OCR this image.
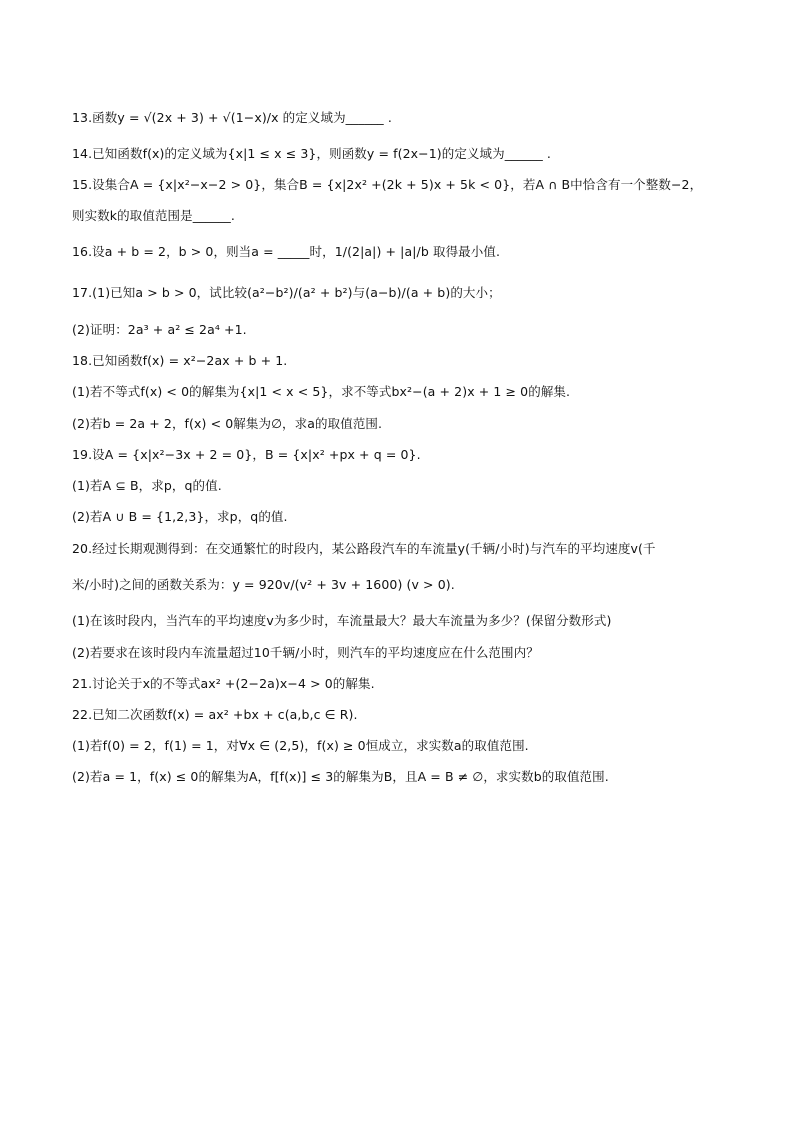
13.函数y = √(2x + 3) + √(1−x)/x 的定义域为______ .
14.已知函数f(x)的定义域为{x|1 ≤ x ≤ 3}，则函数y = f(2x−1)的定义域为______ .
15.设集合A = {x|x²−x−2 > 0}，集合B = {x|2x² +(2k + 5)x + 5k < 0}，若A ∩ B中恰含有一个整数−2，
则实数k的取值范围是______.
16.设a + b = 2，b > 0，则当a = _____时，1/(2|a|) + |a|/b 取得最小值.
17.(1)已知a > b > 0，试比较(a²−b²)/(a² + b²)与(a−b)/(a + b)的大小；
(2)证明：2a³ + a² ≤ 2a⁴ +1.
18.已知函数f(x) = x²−2ax + b + 1.
(1)若不等式f(x) < 0的解集为{x|1 < x < 5}，求不等式bx²−(a + 2)x + 1 ≥ 0的解集.
(2)若b = 2a + 2，f(x) < 0解集为∅，求a的取值范围.
19.设A = {x|x²−3x + 2 = 0}，B = {x|x² +px + q = 0}.
(1)若A ⊆ B，求p，q的值.
(2)若A ∪ B = {1,2,3}，求p，q的值.
20.经过长期观测得到：在交通繁忙的时段内，某公路段汽车的车流量y(千辆/小时)与汽车的平均速度v(千
米/小时)之间的函数关系为：y = 920v/(v² + 3v + 1600) (v > 0).
(1)在该时段内，当汽车的平均速度v为多少时，车流量最大？最大车流量为多少？(保留分数形式)
(2)若要求在该时段内车流量超过10千辆/小时，则汽车的平均速度应在什么范围内？
21.讨论关于x的不等式ax² +(2−2a)x−4 > 0的解集.
22.已知二次函数f(x) = ax² +bx + c(a,b,c ∈ R).
(1)若f(0) = 2，f(1) = 1，对∀x ∈ (2,5)，f(x) ≥ 0恒成立，求实数a的取值范围.
(2)若a = 1，f(x) ≤ 0的解集为A，f[f(x)] ≤ 3的解集为B，且A = B ≠ ∅，求实数b的取值范围.
